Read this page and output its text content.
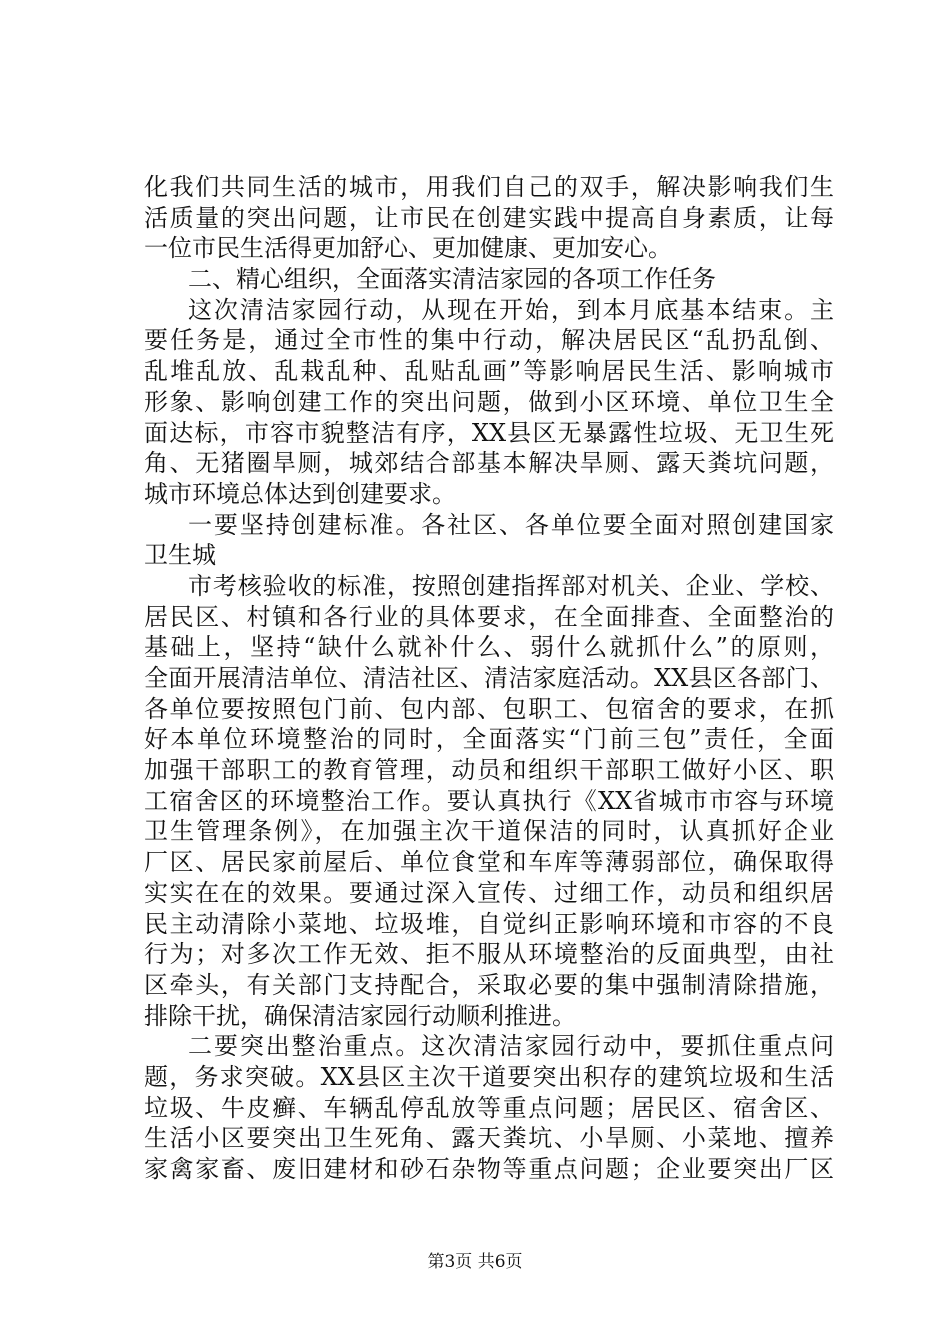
化我们共同生活的城市，用我们自己的双手，解决影响我们生
活质量的突出问题，让市民在创建实践中提高自身素质，让每
一位市民生活得更加舒心、更加健康、更加安心。
二、精心组织，全面落实清洁家园的各项工作任务
这次清洁家园行动，从现在开始，到本月底基本结束。主
要任务是，通过全市性的集中行动，解决居民区“乱扔乱倒、
乱堆乱放、乱栽乱种、乱贴乱画”等影响居民生活、影响城市
形象、影响创建工作的突出问题，做到小区环境、单位卫生全
面达标，市容市貌整洁有序，XX县区无暴露性垃圾、无卫生死
角、无猪圈旱厕，城郊结合部基本解决旱厕、露天粪坑问题，
城市环境总体达到创建要求。
一要坚持创建标准。各社区、各单位要全面对照创建国家
卫生城
市考核验收的标准，按照创建指挥部对机关、企业、学校、
居民区、村镇和各行业的具体要求，在全面排查、全面整治的
基础上，坚持“缺什么就补什么、弱什么就抓什么”的原则，
全面开展清洁单位、清洁社区、清洁家庭活动。XX县区各部门、
各单位要按照包门前、包内部、包职工、包宿舍的要求，在抓
好本单位环境整治的同时，全面落实“门前三包”责任，全面
加强干部职工的教育管理，动员和组织干部职工做好小区、职
工宿舍区的环境整治工作。要认真执行《XX省城市市容与环境
卫生管理条例》，在加强主次干道保洁的同时，认真抓好企业
厂区、居民家前屋后、单位食堂和车库等薄弱部位，确保取得
实实在在的效果。要通过深入宣传、过细工作，动员和组织居
民主动清除小菜地、垃圾堆，自觉纠正影响环境和市容的不良
行为；对多次工作无效、拒不服从环境整治的反面典型，由社
区牵头，有关部门支持配合，采取必要的集中强制清除措施，
排除干扰，确保清洁家园行动顺利推进。
二要突出整治重点。这次清洁家园行动中，要抓住重点问
题，务求突破。XX县区主次干道要突出积存的建筑垃圾和生活
垃圾、牛皮癣、车辆乱停乱放等重点问题；居民区、宿舍区、
生活小区要突出卫生死角、露天粪坑、小旱厕、小菜地、擅养
家禽家畜、废旧建材和砂石杂物等重点问题；企业要突出厂区
第3页 共6页
